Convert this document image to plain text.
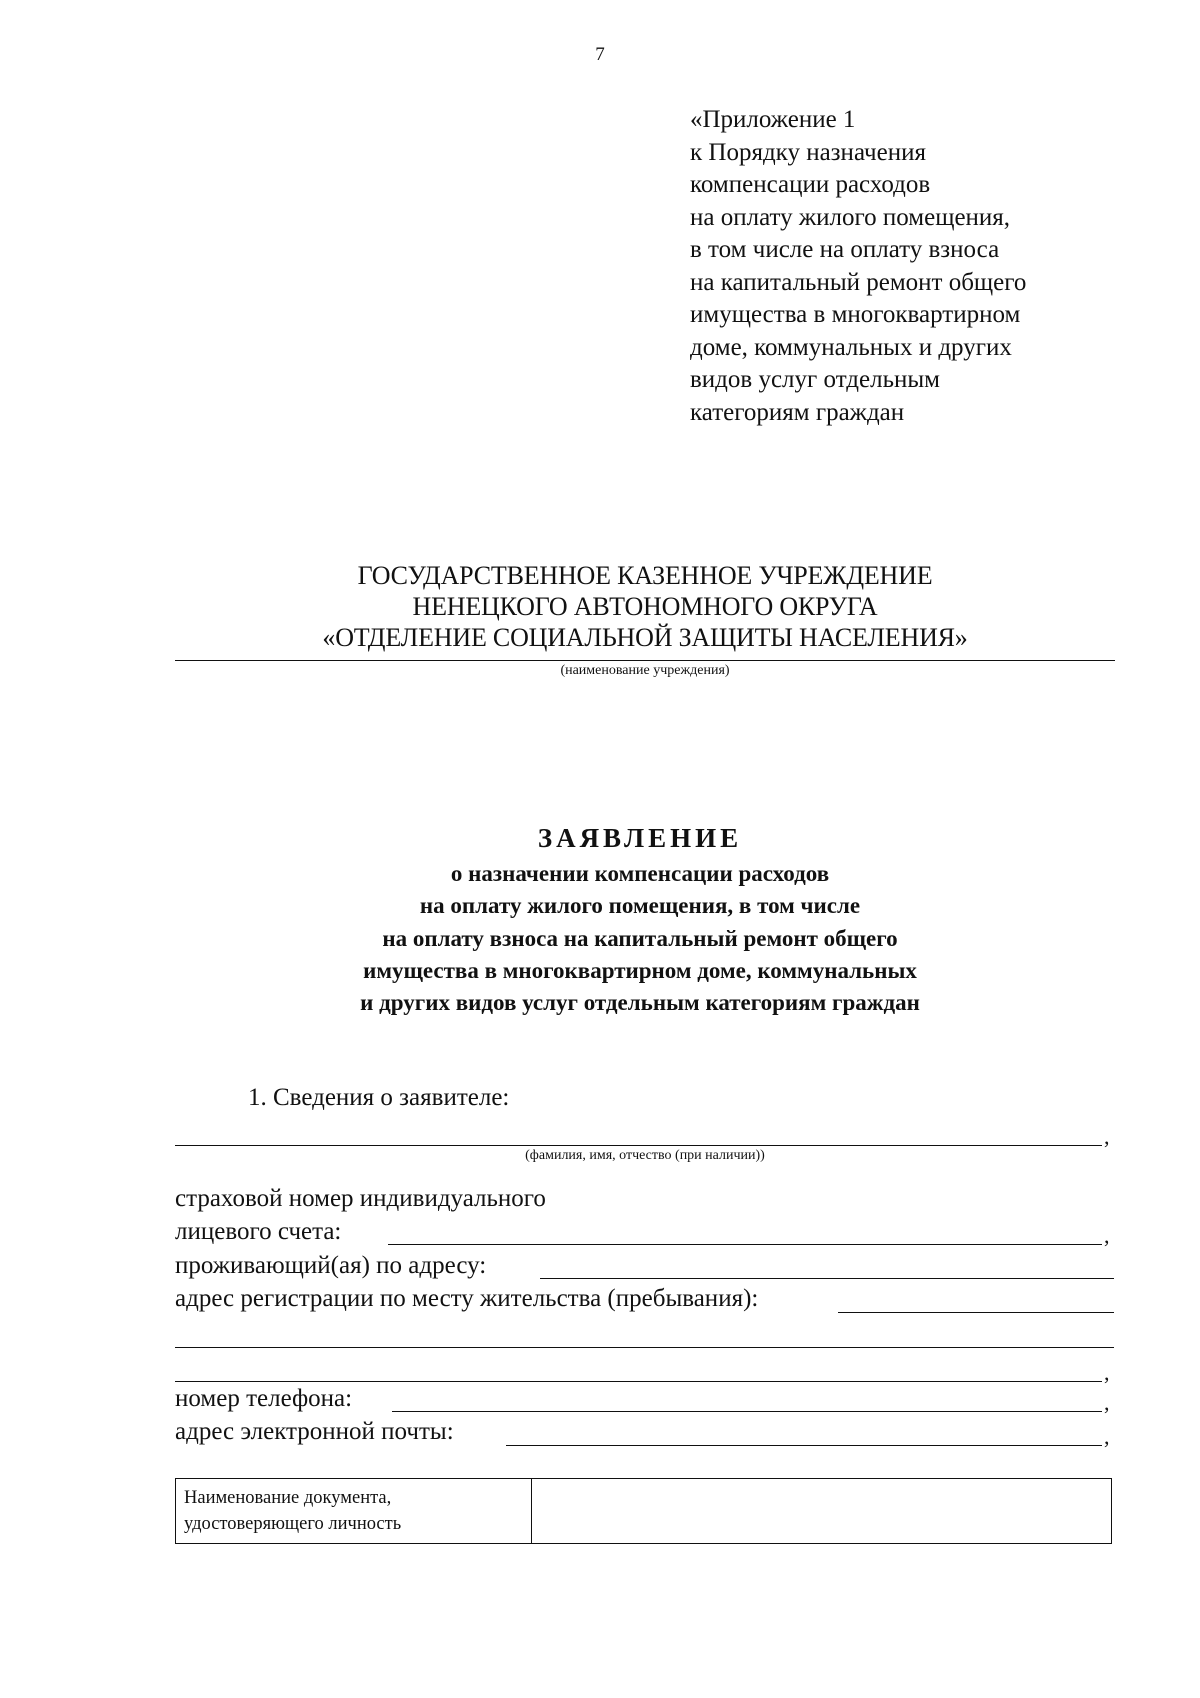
7
«Приложение 1
к Порядку назначения
компенсации расходов
на оплату жилого помещения,
в том числе на оплату взноса
на капитальный ремонт общего
имущества в многоквартирном
доме, коммунальных и других
видов услуг отдельным
категориям граждан
ГОСУДАРСТВЕННОЕ КАЗЕННОЕ УЧРЕЖДЕНИЕ
НЕНЕЦКОГО АВТОНОМНОГО ОКРУГА
«ОТДЕЛЕНИЕ СОЦИАЛЬНОЙ ЗАЩИТЫ НАСЕЛЕНИЯ»
(наименование учреждения)
ЗАЯВЛЕНИЕ
о назначении компенсации расходов
на оплату жилого помещения, в том числе
на оплату взноса на капитальный ремонт общего
имущества в многоквартирном доме, коммунальных
и других видов услуг отдельным категориям граждан
1. Сведения о заявителе:
,
(фамилия, имя, отчество (при наличии))
страховой номер индивидуального
лицевого счета:	,
проживающий(ая) по адресу:
адрес регистрации по месту жительства (пребывания):
,
номер телефона:	,
адрес электронной почты:	,
Наименование документа,
удостоверяющего личность
